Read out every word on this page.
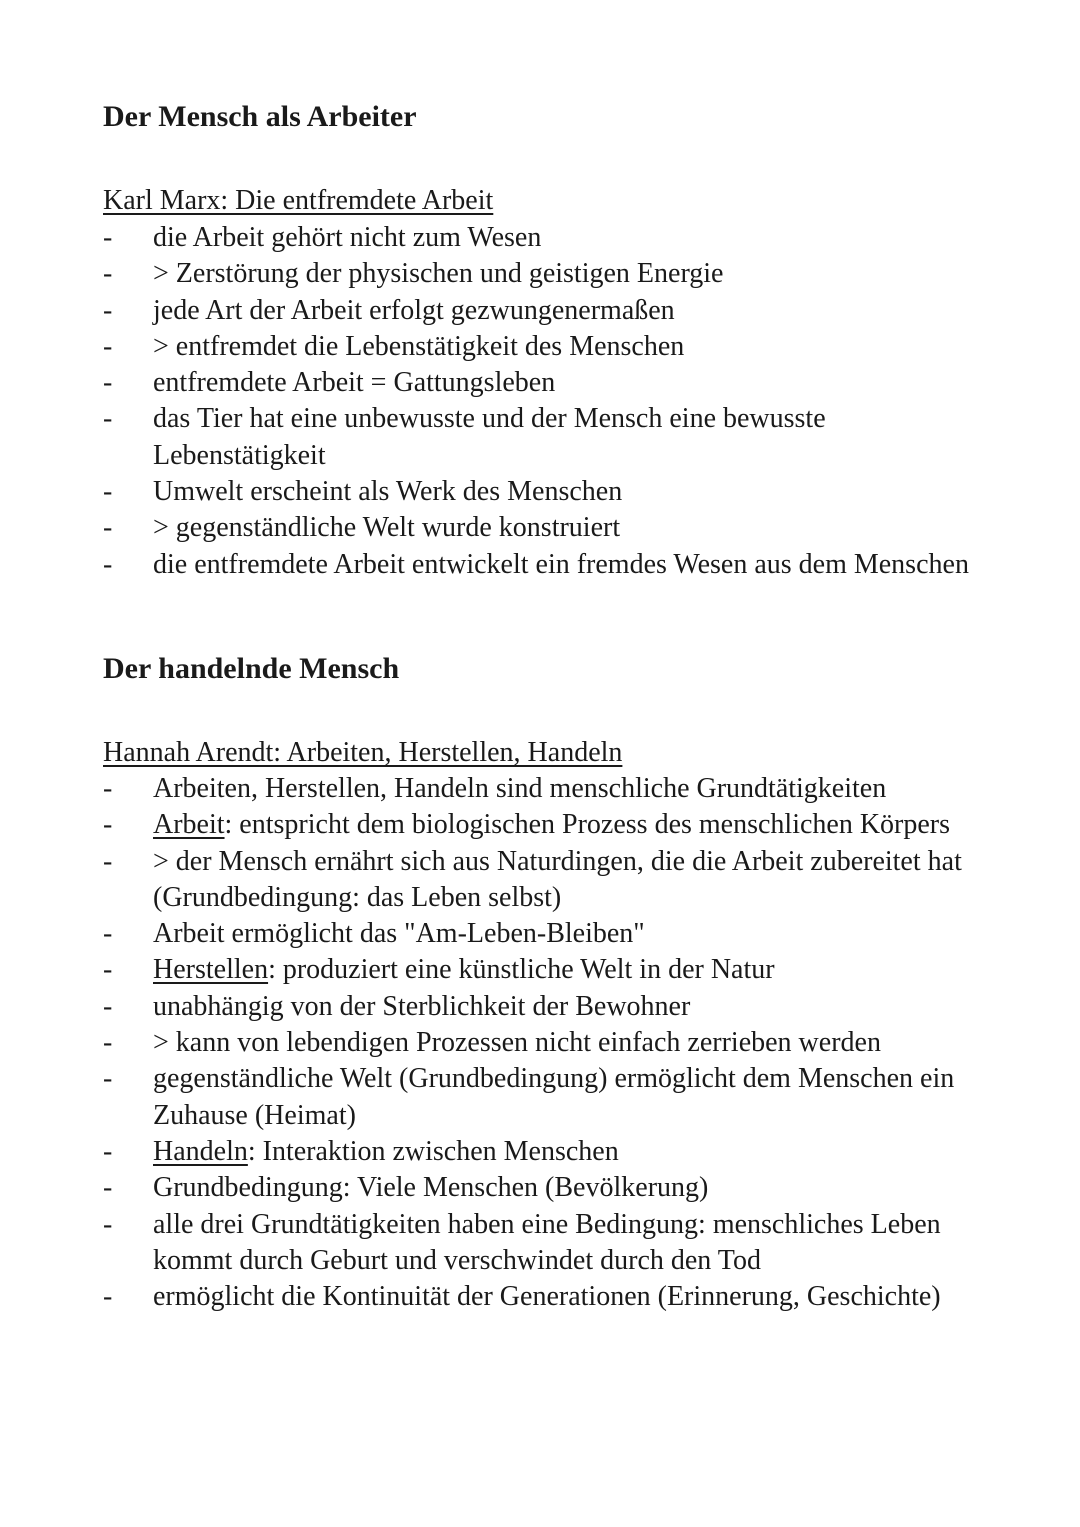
Der Mensch als Arbeiter
Karl Marx: Die entfremdete Arbeit
-	die Arbeit gehört nicht zum Wesen
-	> Zerstörung der physischen und geistigen Energie
-	jede Art der Arbeit erfolgt gezwungenermaßen
-	> entfremdet die Lebenstätigkeit des Menschen
-	entfremdete Arbeit = Gattungsleben
-	das Tier hat eine unbewusste und der Mensch eine bewusste Lebenstätigkeit
-	Umwelt erscheint als Werk des Menschen
-	> gegenständliche Welt wurde konstruiert
-	die entfremdete Arbeit entwickelt ein fremdes Wesen aus dem Menschen
Der handelnde Mensch
Hannah Arendt: Arbeiten, Herstellen, Handeln
-	Arbeiten, Herstellen, Handeln sind menschliche Grundtätigkeiten
-	Arbeit: entspricht dem biologischen Prozess des menschlichen Körpers
-	> der Mensch ernährt sich aus Naturdingen, die die Arbeit zubereitet hat (Grundbedingung: das Leben selbst)
-	Arbeit ermöglicht das "Am-Leben-Bleiben"
-	Herstellen: produziert eine künstliche Welt in der Natur
-	unabhängig von der Sterblichkeit der Bewohner
-	> kann von lebendigen Prozessen nicht einfach zerrieben werden
-	gegenständliche Welt (Grundbedingung) ermöglicht dem Menschen ein Zuhause (Heimat)
-	Handeln: Interaktion zwischen Menschen
-	Grundbedingung: Viele Menschen (Bevölkerung)
-	alle drei Grundtätigkeiten haben eine Bedingung: menschliches Leben kommt durch Geburt und verschwindet durch den Tod
-	ermöglicht die Kontinuität der Generationen (Erinnerung, Geschichte)
